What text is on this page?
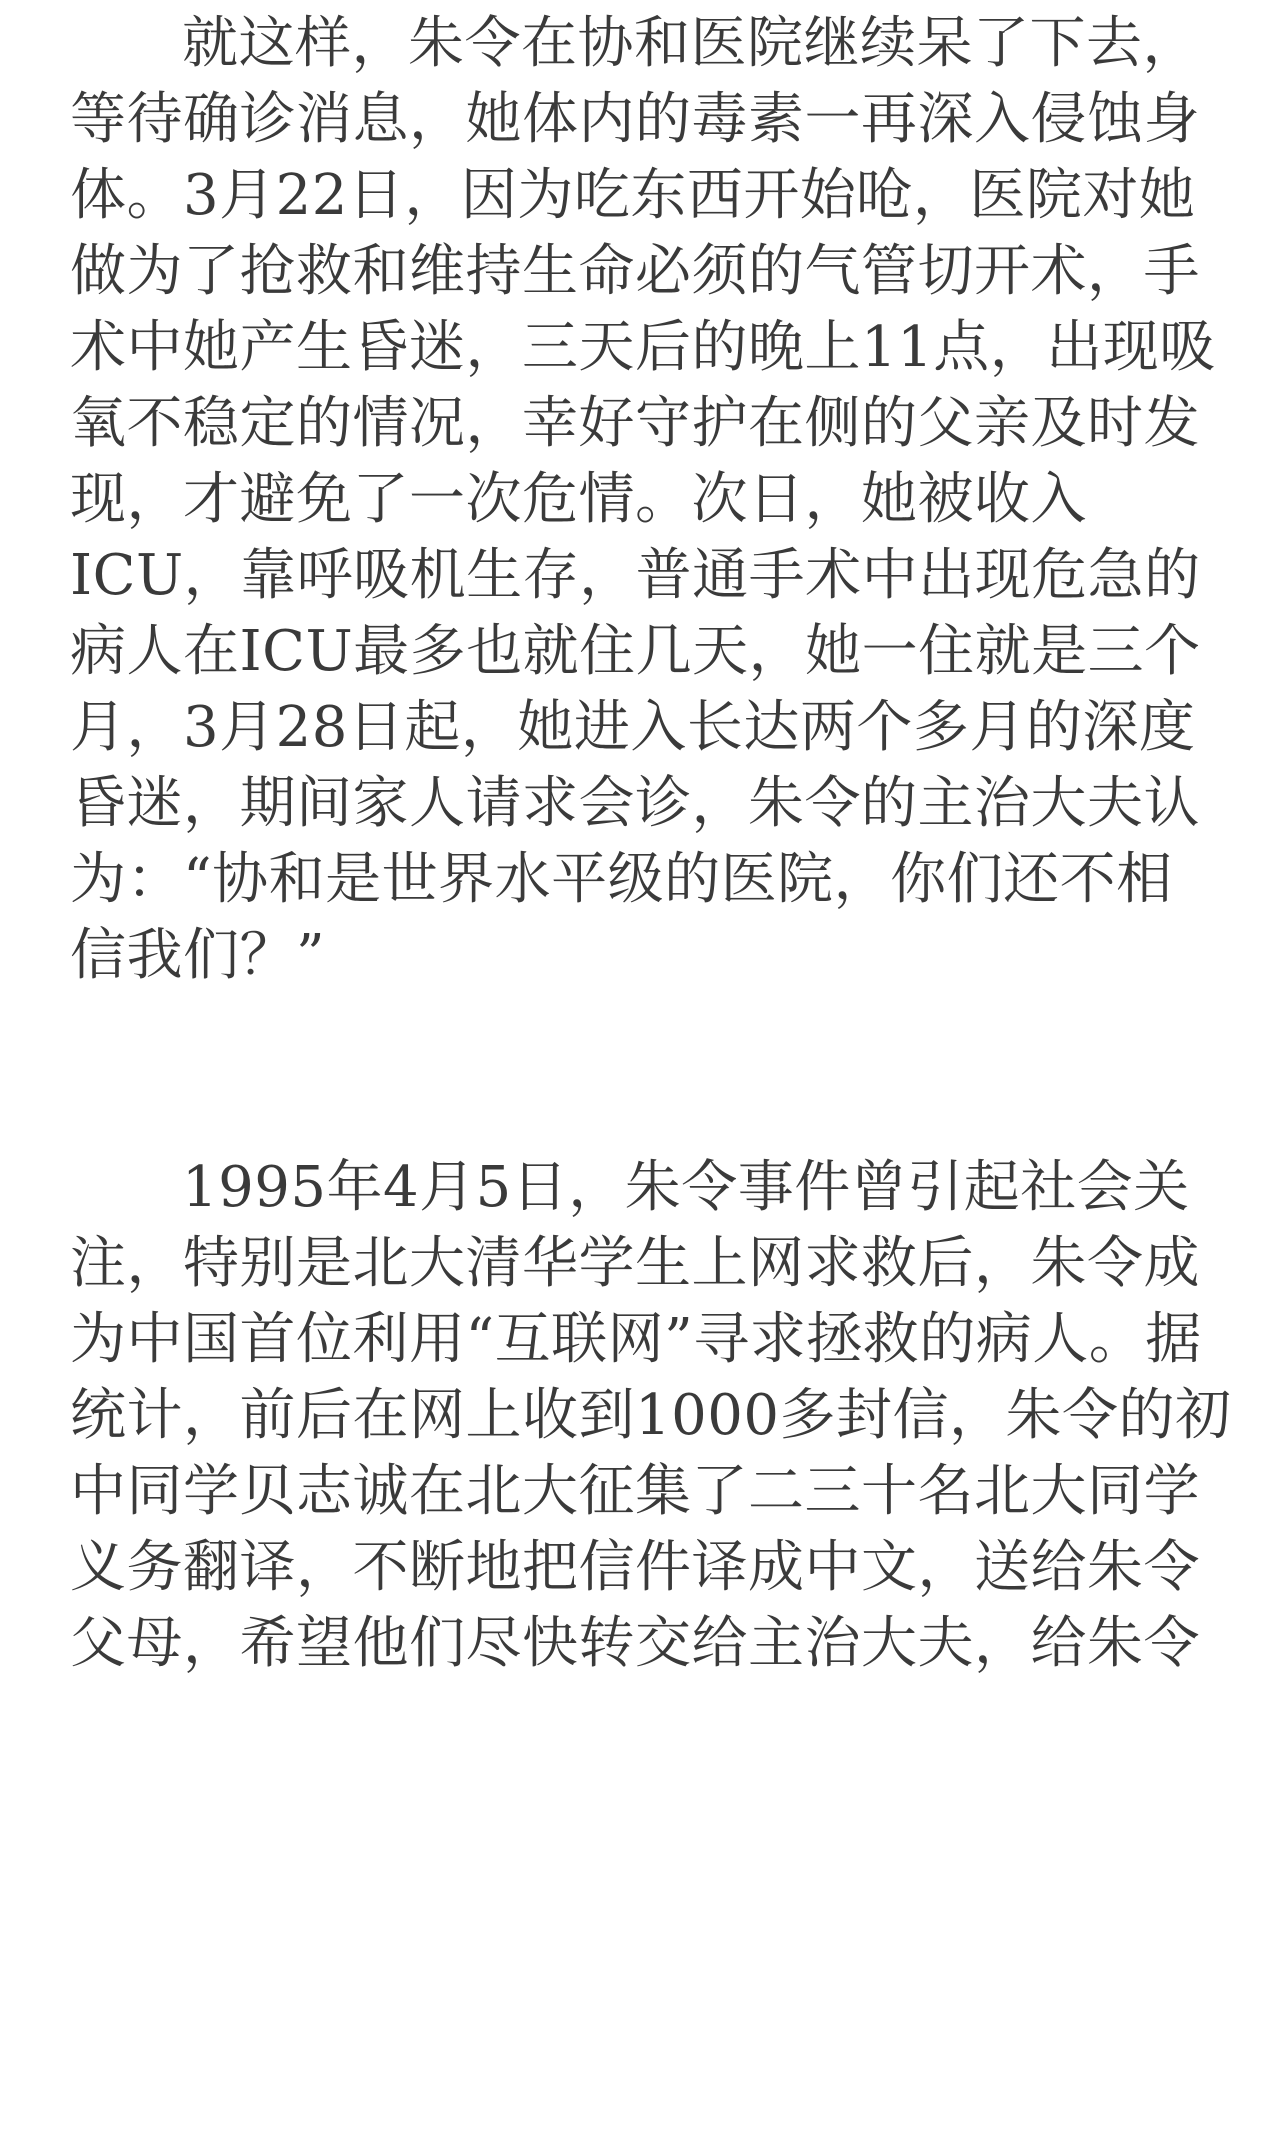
就这样，朱令在协和医院继续呆了下去，
等待确诊消息，她体内的毒素一再深入侵蚀身
体。3月22日，因为吃东西开始呛，医院对她
做为了抢救和维持生命必须的气管切开术，手
术中她产生昏迷，三天后的晚上11点，出现吸
氧不稳定的情况，幸好守护在侧的父亲及时发
现，才避免了一次危情。次日，她被收入
ICU，靠呼吸机生存，普通手术中出现危急的
病人在ICU最多也就住几天，她一住就是三个
月，3月28日起，她进入长达两个多月的深度
昏迷，期间家人请求会诊，朱令的主治大夫认
为：“协和是世界水平级的医院，你们还不相
信我们？”
1995年4月5日，朱令事件曾引起社会关
注，特别是北大清华学生上网求救后，朱令成
为中国首位利用“互联网”寻求拯救的病人。据
统计，前后在网上收到1000多封信，朱令的初
中同学贝志诚在北大征集了二三十名北大同学
义务翻译，不断地把信件译成中文，送给朱令
父母，希望他们尽快转交给主治大夫，给朱令
